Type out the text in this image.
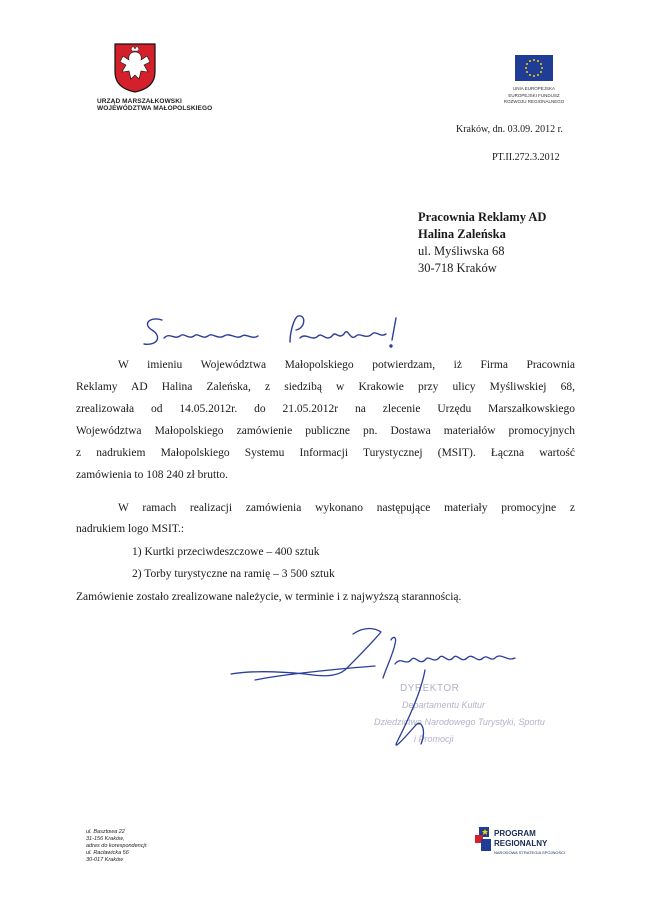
URZĄD MARSZAŁKOWSKI
WOJEWÓDZTWA MAŁOPOLSKIEGO
UNIA EUROPEJSKA
EUROPEJSKI FUNDUSZ
ROZWOJU REGIONALNEGO
Kraków, dn. 03.09. 2012 r.
PT.II.272.3.2012
Pracownia Reklamy AD
Halina Zaleńska
ul. Myśliwska 68
30-718 Kraków
W imieniu Województwa Małopolskiego potwierdzam, iż Firma Pracownia
Reklamy AD Halina Zaleńska, z siedzibą w Krakowie przy ulicy Myśliwskiej 68,
zrealizowała od 14.05.2012r. do 21.05.2012r na zlecenie Urzędu Marszałkowskiego
Województwa Małopolskiego zamówienie publiczne pn. Dostawa materiałów promocyjnych
z nadrukiem Małopolskiego Systemu Informacji Turystycznej (MSIT). Łączna wartość
zamówienia to 108 240 zł brutto.
W ramach realizacji zamówienia wykonano następujące materiały promocyjne z
nadrukiem logo MSIT.:
1) Kurtki przeciwdeszczowe – 400 sztuk
2) Torby turystyczne na ramię – 3 500 sztuk
Zamówienie zostało zrealizowane należycie, w terminie i z najwyższą starannością.
DYREKTOR
Departamentu Kultur
Dziedzictwa Narodowego Turystyki, Sportu
i Promocji
ul. Basztowa 22
31-156 Kraków,
adres do korespondencji:
ul. Racławicka 56
30-017 Kraków
PROGRAM
REGIONALNY
NARODOWA STRATEGIA SPÓJNOŚCI
